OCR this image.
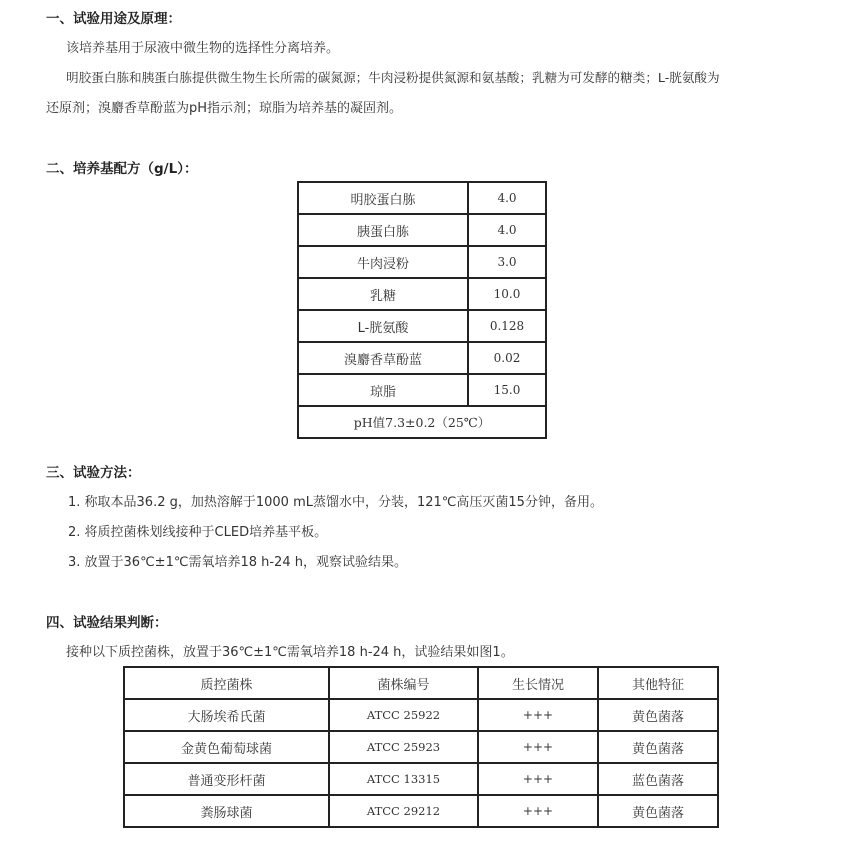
一、试验用途及原理：
该培养基用于尿液中微生物的选择性分离培养。
明胶蛋白胨和胰蛋白胨提供微生物生长所需的碳氮源；牛肉浸粉提供氮源和氨基酸；乳糖为可发酵的糖类；L-胱氨酸为
还原剂；溴麝香草酚蓝为pH指示剂；琼脂为培养基的凝固剂。
二、培养基配方（g/L）：
明胶蛋白胨	4.0
胰蛋白胨	4.0
牛肉浸粉	3.0
乳糖	10.0
L-胱氨酸	0.128
溴麝香草酚蓝	0.02
琼脂	15.0
pH值7.3±0.2（25℃）	
三、试验方法：
1. 称取本品36.2 g，加热溶解于1000 mL蒸馏水中，分装，121℃高压灭菌15分钟，备用。
2. 将质控菌株划线接种于CLED培养基平板。
3. 放置于36℃±1℃需氧培养18 h-24 h，观察试验结果。
四、试验结果判断：
接种以下质控菌株，放置于36℃±1℃需氧培养18 h-24 h，试验结果如图1。
质控菌株	菌株编号	生长情况	其他特征
大肠埃希氏菌	ATCC 25922	+++	黄色菌落
金黄色葡萄球菌	ATCC 25923	+++	黄色菌落
普通变形杆菌	ATCC 13315	+++	蓝色菌落
粪肠球菌	ATCC 29212	+++	黄色菌落
